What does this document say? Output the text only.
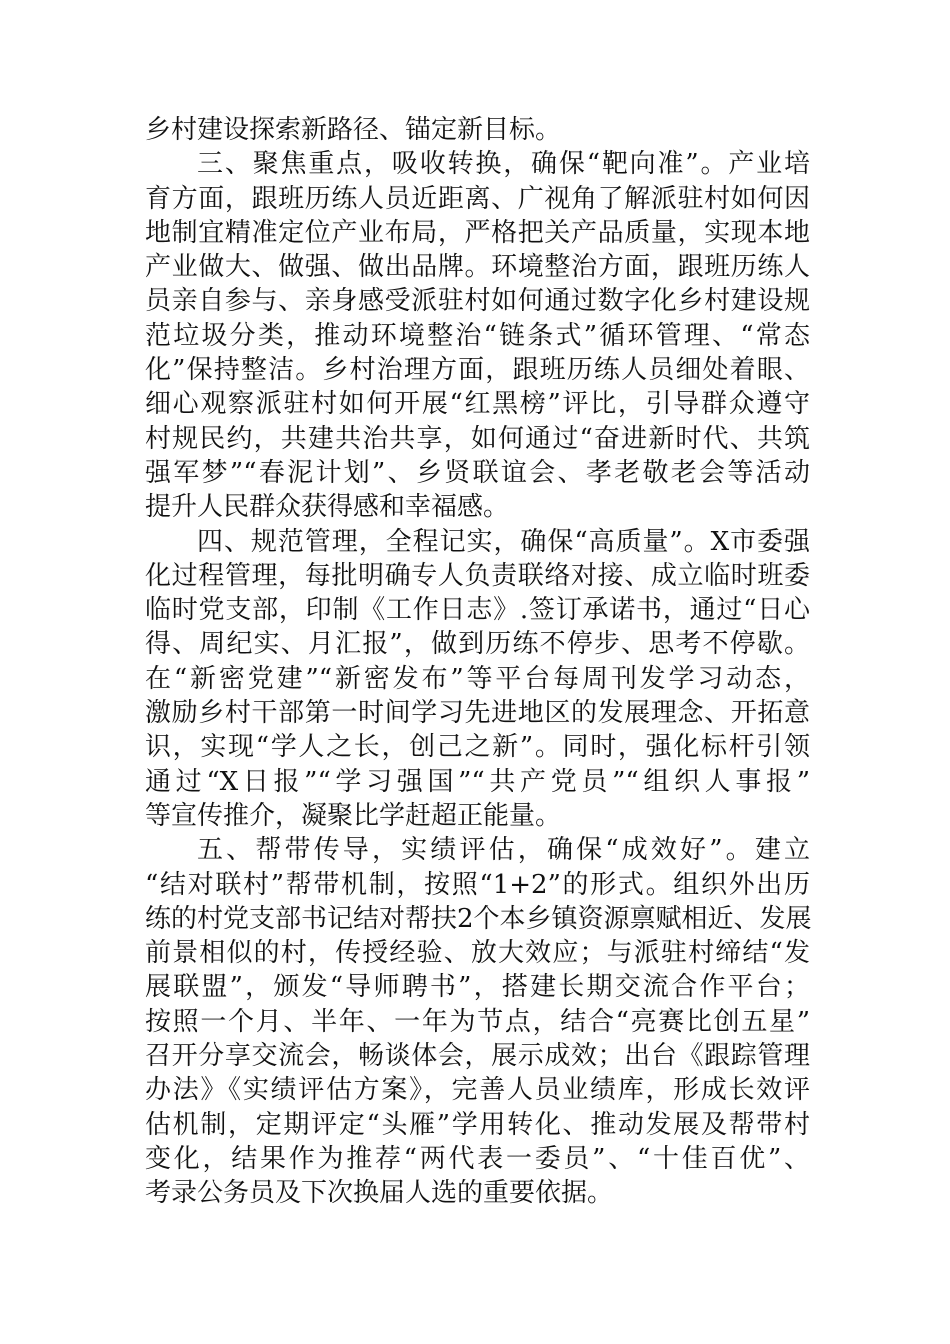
乡村建设探索新路径、锚定新目标。
三、聚焦重点，吸收转换，确保“靶向准”。产业培
育方面，跟班历练人员近距离、广视角了解派驻村如何因
地制宜精准定位产业布局，严格把关产品质量，实现本地
产业做大、做强、做出品牌。环境整治方面，跟班历练人
员亲自参与、亲身感受派驻村如何通过数字化乡村建设规
范垃圾分类，推动环境整治“链条式”循环管理、“常态
化”保持整洁。乡村治理方面，跟班历练人员细处着眼、
细心观察派驻村如何开展“红黑榜”评比，引导群众遵守
村规民约，共建共治共享，如何通过“奋进新时代、共筑
强军梦”“春泥计划”、乡贤联谊会、孝老敬老会等活动
提升人民群众获得感和幸福感。
四、规范管理，全程记实，确保“高质量”。X市委强
化过程管理，每批明确专人负责联络对接、成立临时班委
临时党支部，印制《工作日志》.签订承诺书，通过“日心
得、周纪实、月汇报”，做到历练不停步、思考不停歇。
在“新密党建”“新密发布”等平台每周刊发学习动态，
激励乡村干部第一时间学习先进地区的发展理念、开拓意
识，实现“学人之长，创己之新”。同时，强化标杆引领
通过“X日报”“学习强国”“共产党员”“组织人事报”
等宣传推介，凝聚比学赶超正能量。
五、帮带传导，实绩评估，确保“成效好”。建立
“结对联村”帮带机制，按照“1+2”的形式。组织外出历
练的村党支部书记结对帮扶2个本乡镇资源禀赋相近、发展
前景相似的村，传授经验、放大效应；与派驻村缔结“发
展联盟”，颁发“导师聘书”，搭建长期交流合作平台；
按照一个月、半年、一年为节点，结合“亮赛比创五星”
召开分享交流会，畅谈体会，展示成效；出台《跟踪管理
办法》《实绩评估方案》，完善人员业绩库，形成长效评
估机制，定期评定“头雁”学用转化、推动发展及帮带村
变化，结果作为推荐“两代表一委员”、“十佳百优”、
考录公务员及下次换届人选的重要依据。
